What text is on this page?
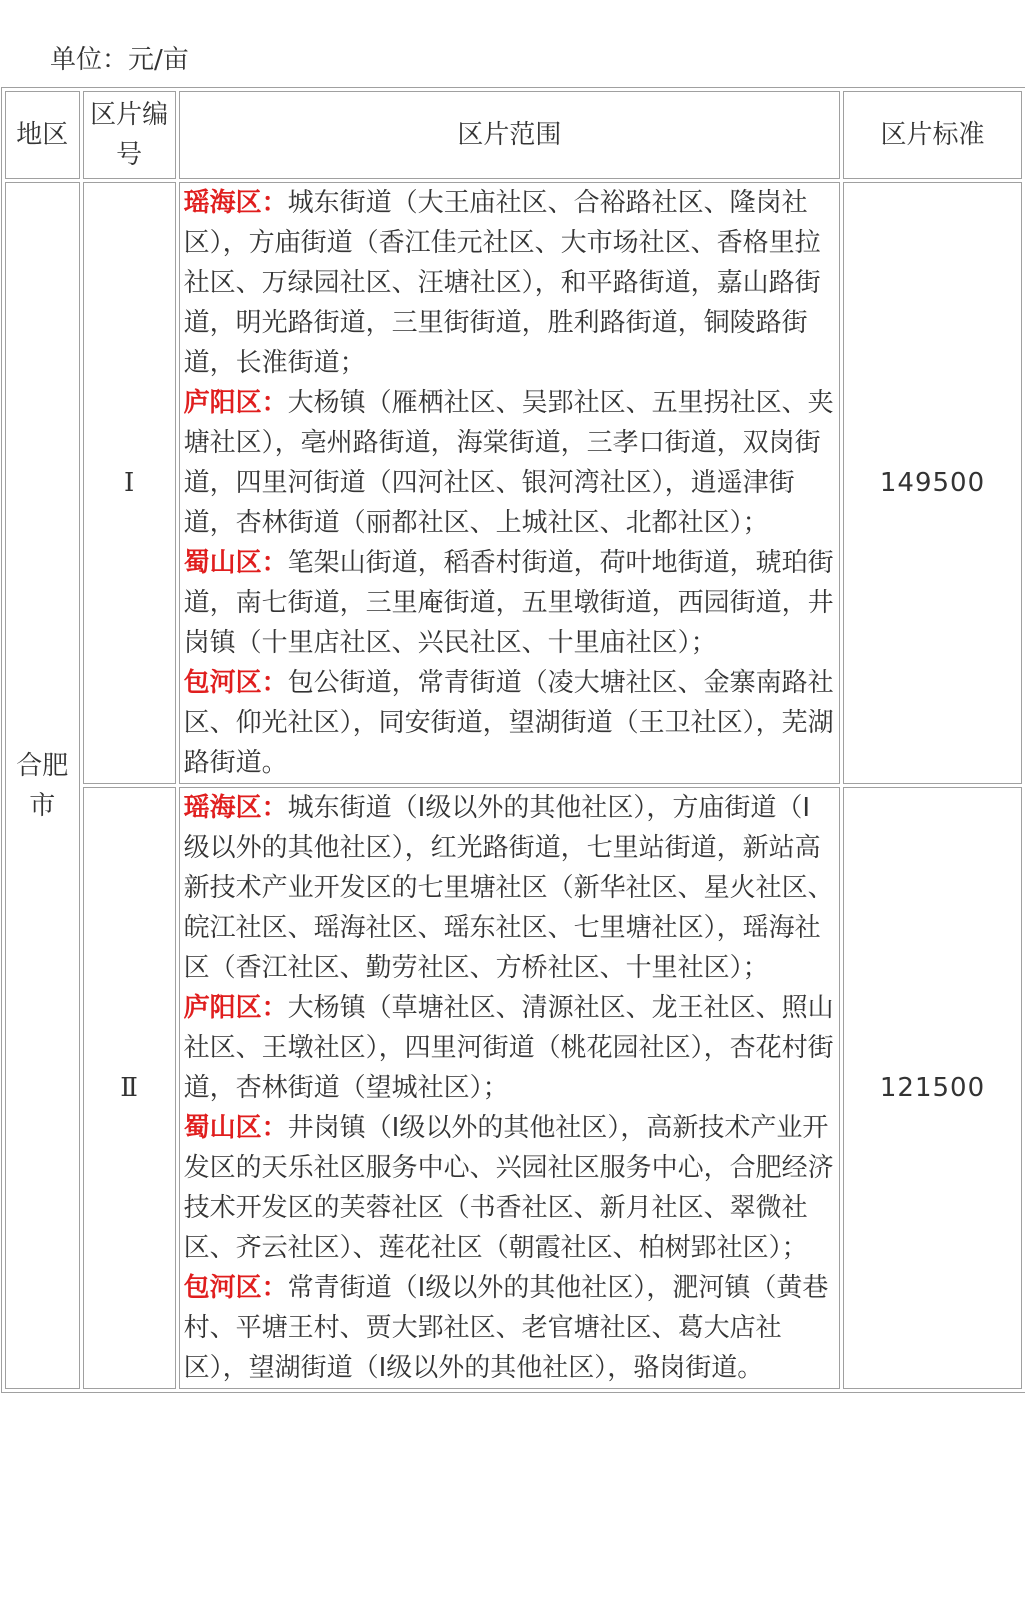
单位：元/亩
地区	区片编号	区片范围	区片标准
合肥市	Ⅰ	瑶海区：城东街道（大王庙社区、合裕路社区、隆岗社区），方庙街道（香江佳元社区、大市场社区、香格里拉社区、万绿园社区、汪塘社区），和平路街道，嘉山路街道，明光路街道，三里街街道，胜利路街道，铜陵路街道，长淮街道；
庐阳区：大杨镇（雁栖社区、吴郢社区、五里拐社区、夹塘社区），亳州路街道，海棠街道，三孝口街道，双岗街道，四里河街道（四河社区、银河湾社区），逍遥津街道，杏林街道（丽都社区、上城社区、北都社区）；
蜀山区：笔架山街道，稻香村街道，荷叶地街道，琥珀街道，南七街道，三里庵街道，五里墩街道，西园街道，井岗镇（十里店社区、兴民社区、十里庙社区）；
包河区：包公街道，常青街道（凌大塘社区、金寨南路社区、仰光社区），同安街道，望湖街道（王卫社区），芜湖路街道。	149500
	Ⅱ	瑶海区：城东街道（Ⅰ级以外的其他社区），方庙街道（Ⅰ级以外的其他社区），红光路街道，七里站街道，新站高新技术产业开发区的七里塘社区（新华社区、星火社区、皖江社区、瑶海社区、瑶东社区、七里塘社区），瑶海社区（香江社区、勤劳社区、方桥社区、十里社区）；
庐阳区：大杨镇（草塘社区、清源社区、龙王社区、照山社区、王墩社区），四里河街道（桃花园社区），杏花村街道，杏林街道（望城社区）；
蜀山区：井岗镇（Ⅰ级以外的其他社区），高新技术产业开发区的天乐社区服务中心、兴园社区服务中心，合肥经济技术开发区的芙蓉社区（书香社区、新月社区、翠微社区、齐云社区）、莲花社区（朝霞社区、柏树郢社区）；
包河区：常青街道（Ⅰ级以外的其他社区），淝河镇（黄巷村、平塘王村、贾大郢社区、老官塘社区、葛大店社区），望湖街道（Ⅰ级以外的其他社区），骆岗街道。	121500
